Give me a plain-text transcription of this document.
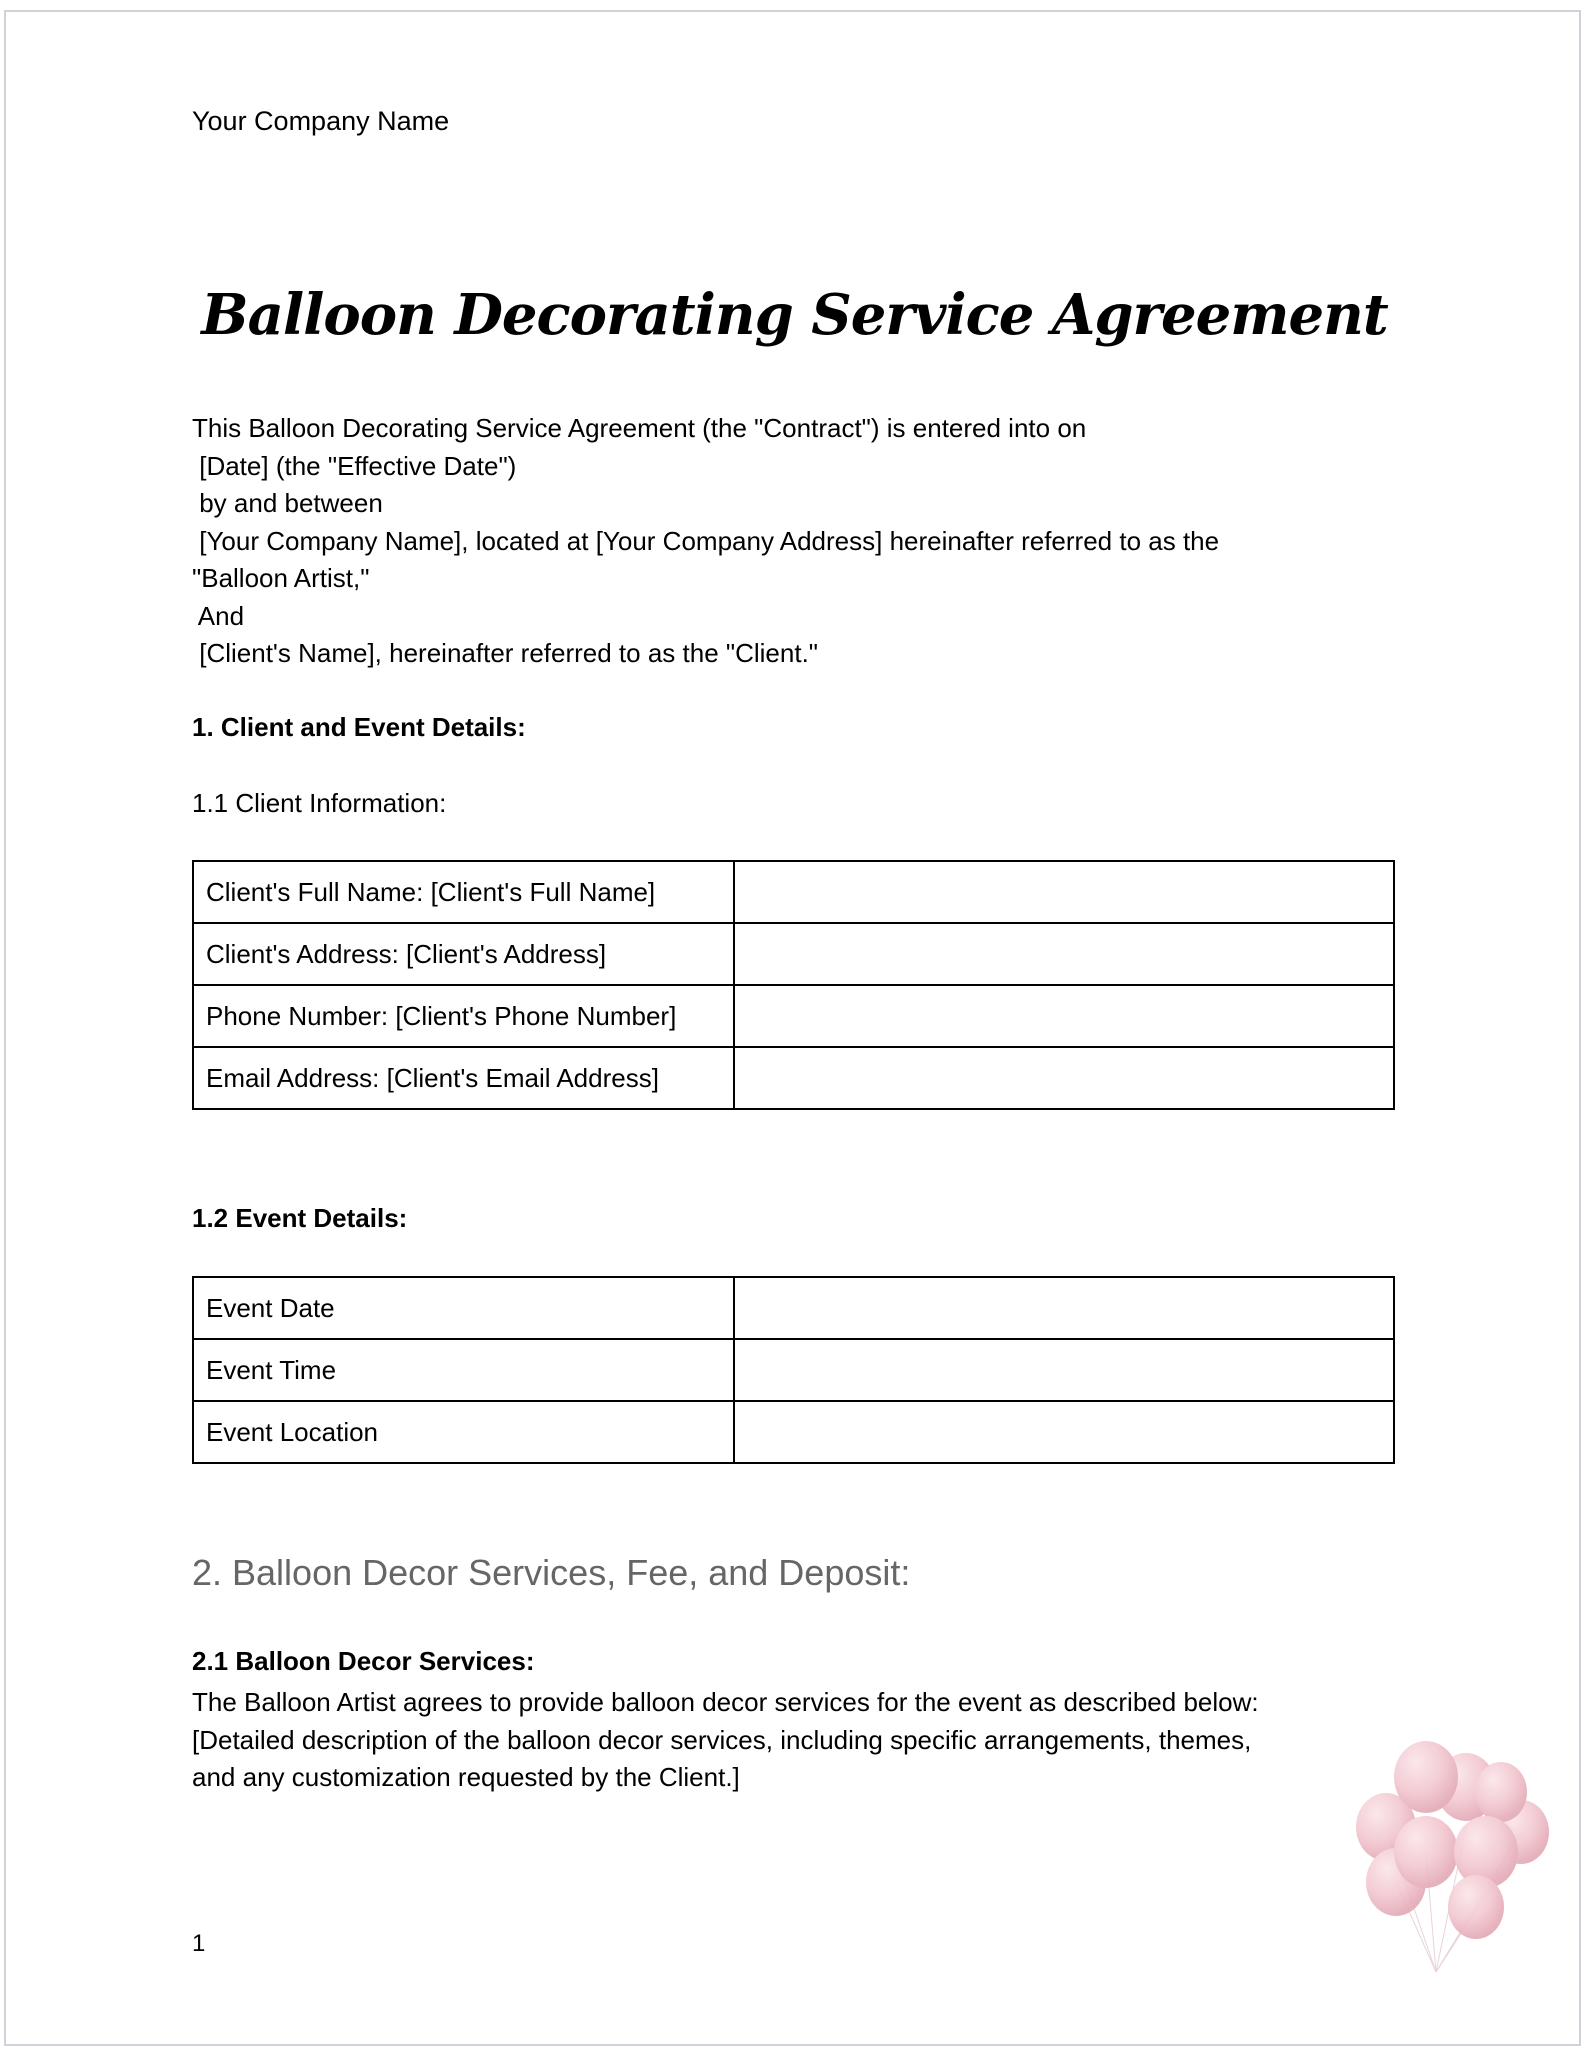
Your Company Name

Balloon Decorating Service Agreement
This Balloon Decorating Service Agreement (the "Contract") is entered into on
[Date] (the "Effective Date")
by and between
[Your Company Name], located at [Your Company Address] hereinafter referred to as the
"Balloon Artist,"
And
[Client's Name], hereinafter referred to as the "Client."

1. Client and Event Details:

1.1 Client Information:

Client's Full Name: [Client's Full Name]	
Client's Address: [Client's Address]	
Phone Number: [Client's Phone Number]	
Email Address: [Client's Email Address]	

1.2 Event Details:

Event Date	
Event Time	
Event Location	
2. Balloon Decor Services, Fee, and Deposit:

2.1 Balloon Decor Services:

The Balloon Artist agrees to provide balloon decor services for the event as described below:
[Detailed description of the balloon decor services, including specific arrangements, themes,
and any customization requested by the Client.]

1
